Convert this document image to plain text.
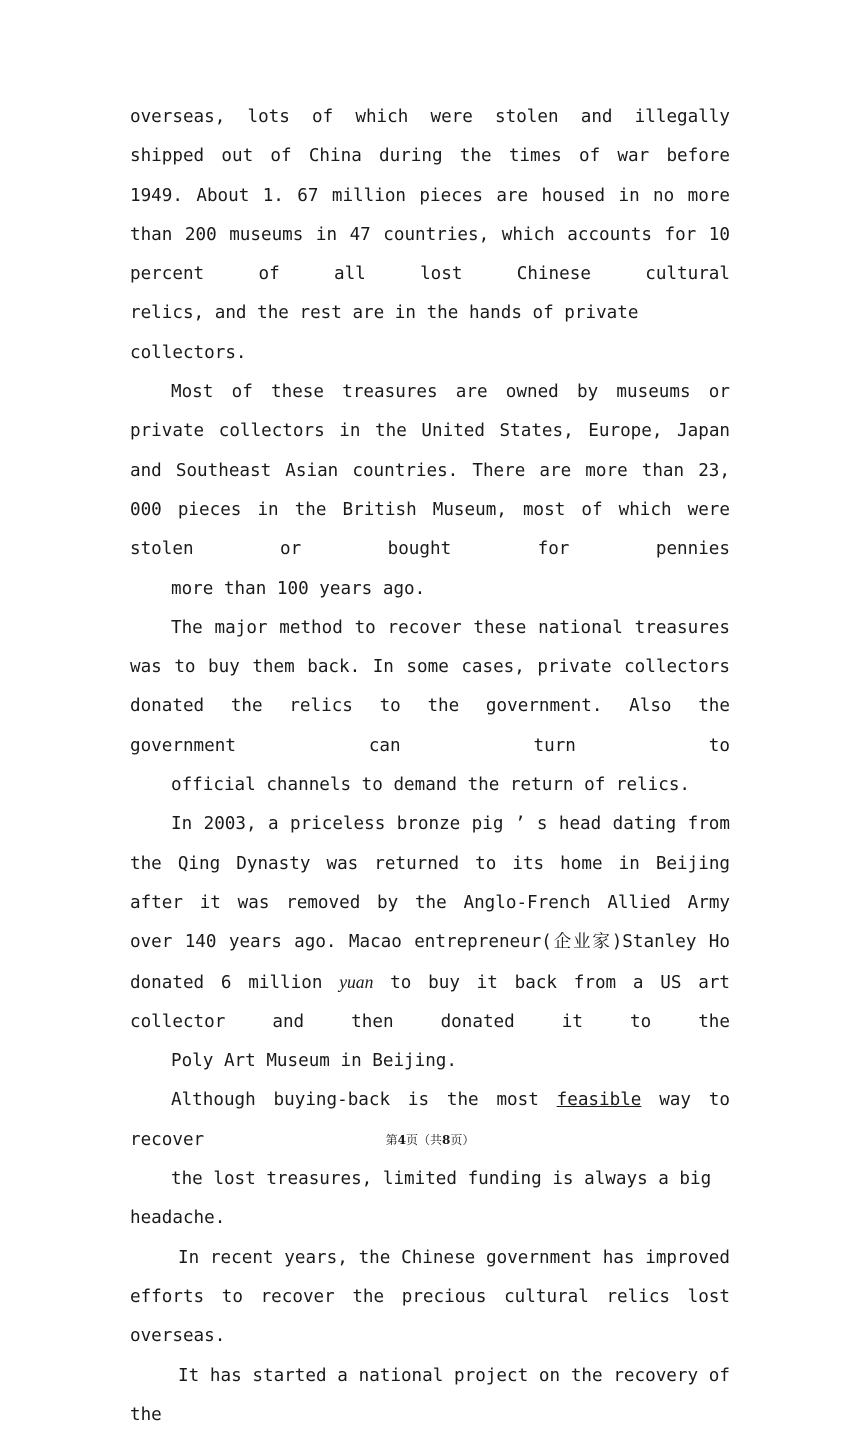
overseas, lots of which were stolen and illegally shipped out of China during the times of war before 1949. About 1. 67 million pieces are housed in no more than 200 museums in 47 countries, which accounts for 10 percent of all lost Chinese cultural
relics, and the rest are in the hands of private collectors.

Most of these treasures are owned by museums or private collectors in the United States, Europe, Japan and Southeast Asian countries. There are more than 23, 000 pieces in the British Museum, most of which were stolen or bought for pennies
more than 100 years ago.

The major method to recover these national treasures was to buy them back. In some cases, private collectors donated the relics to the government. Also the government can turn to
official channels to demand the return of relics.

In 2003, a priceless bronze pig ’ s head dating from the Qing Dynasty was returned to its home in Beijing after it was removed by the Anglo-French Allied Army over 140 years ago. Macao entrepreneur(企业家)Stanley Ho donated 6 million yuan to buy it back from a US art collector and then donated it to the
Poly Art Museum in Beijing.

Although buying-back is the most feasible way to recover
the lost treasures, limited funding is always a big headache.

In recent years, the Chinese government has improved efforts to recover the precious cultural relics lost overseas.
It has started a national project on the recovery of the

第4页（共8页）
